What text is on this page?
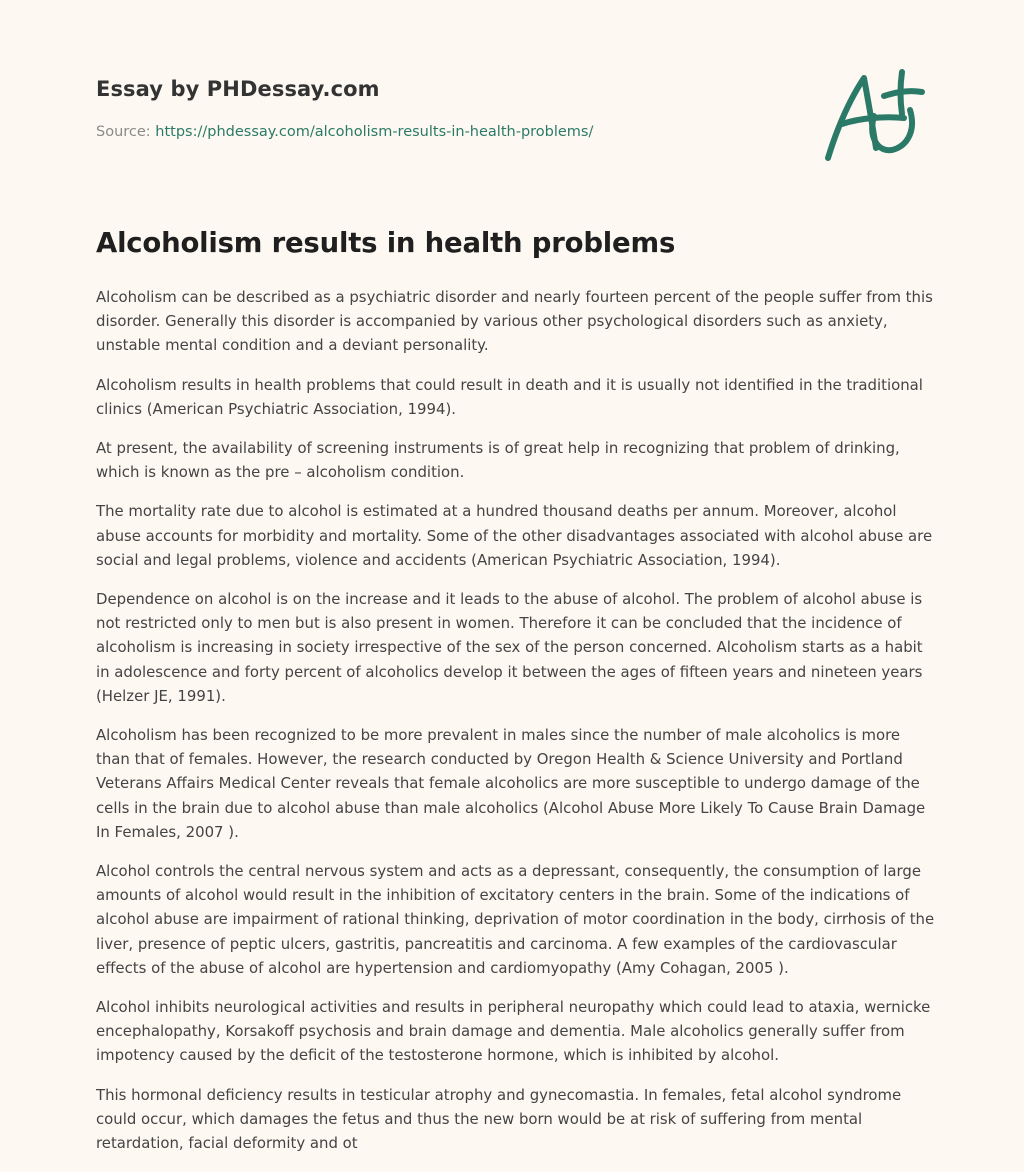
Essay by PHDessay.com
Source: https://phdessay.com/alcoholism-results-in-health-problems/
Alcoholism results in health problems

Alcoholism can be described as a psychiatric disorder and nearly fourteen percent of the people suffer from this disorder. Generally this disorder is accompanied by various other psychological disorders such as anxiety, unstable mental condition and a deviant personality.

Alcoholism results in health problems that could result in death and it is usually not identified in the traditional clinics (American Psychiatric Association, 1994).

At present, the availability of screening instruments is of great help in recognizing that problem of drinking, which is known as the pre – alcoholism condition.

The mortality rate due to alcohol is estimated at a hundred thousand deaths per annum. Moreover, alcohol abuse accounts for morbidity and mortality. Some of the other disadvantages associated with alcohol abuse are social and legal problems, violence and accidents (American Psychiatric Association, 1994).

Dependence on alcohol is on the increase and it leads to the abuse of alcohol. The problem of alcohol abuse is not restricted only to men but is also present in women. Therefore it can be concluded that the incidence of alcoholism is increasing in society irrespective of the sex of the person concerned. Alcoholism starts as a habit in adolescence and forty percent of alcoholics develop it between the ages of fifteen years and nineteen years (Helzer JE, 1991).

Alcoholism has been recognized to be more prevalent in males since the number of male alcoholics is more than that of females. However, the research conducted by Oregon Health & Science University and Portland Veterans Affairs Medical Center reveals that female alcoholics are more susceptible to undergo damage of the cells in the brain due to alcohol abuse than male alcoholics (Alcohol Abuse More Likely To Cause Brain Damage In Females, 2007 ).

Alcohol controls the central nervous system and acts as a depressant, consequently, the consumption of large amounts of alcohol would result in the inhibition of excitatory centers in the brain. Some of the indications of alcohol abuse are impairment of rational thinking, deprivation of motor coordination in the body, cirrhosis of the liver, presence of peptic ulcers, gastritis, pancreatitis and carcinoma. A few examples of the cardiovascular effects of the abuse of alcohol are hypertension and cardiomyopathy (Amy Cohagan, 2005 ).

Alcohol inhibits neurological activities and results in peripheral neuropathy which could lead to ataxia, wernicke encephalopathy, Korsakoff psychosis and brain damage and dementia. Male alcoholics generally suffer from impotency caused by the deficit of the testosterone hormone, which is inhibited by alcohol.

This hormonal deficiency results in testicular atrophy and gynecomastia. In females, fetal alcohol syndrome could occur, which damages the fetus and thus the new born would be at risk of suffering from mental retardation, facial deformity and ot
